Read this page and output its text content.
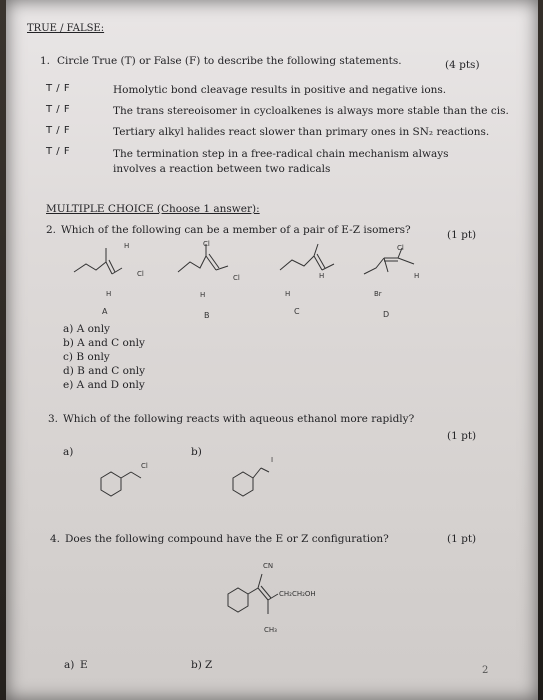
TRUE / FALSE:
1. Circle True (T) or False (F) to describe the following statements.	(4 pts)
T / F	Homolytic bond cleavage results in positive and negative ions.
T / F	The trans stereoisomer in cycloalkenes is always more stable than the cis.
T / F	Tertiary alkyl halides react slower than primary ones in SN₂ reactions.
T / F	The termination step in a free-radical chain mechanism always involves a reaction between two radicals
MULTIPLE CHOICE (Choose 1 answer):
2. Which of the following can be a member of a pair of E-Z isomers?	(1 pt)
H
Cl
H
A
Cl
Cl
H
B
H
H
C
Cl
H
Br
D
a) A only
b) A and C only
c) B only
d) B and C only
e) A and D only
3. Which of the following reacts with aqueous ethanol more rapidly?
(1 pt)
a)	b)
Cl
I
4. Does the following compound have the E or Z configuration?	(1 pt)
CN
CH₂CH₂OH
CH₃
a) E	b) Z	2
